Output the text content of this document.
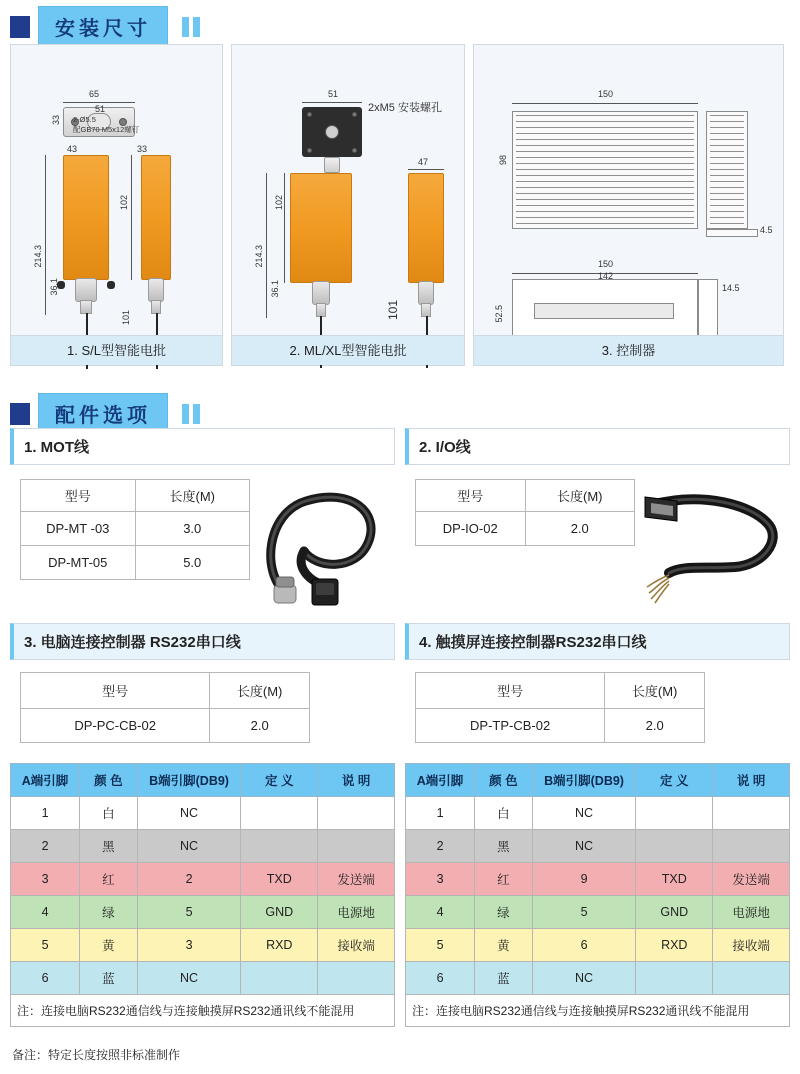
安装尺寸
65
51
33
43	33
2-Ø5.5
配GB70 M5x12螺钉
102
214.3
36.1
101
1. S/L型智能电批
51
2xM5 安装螺孔
47
102
214.3
36.1
101
2. ML/XL型智能电批
150
98
4.5
150
142
52.5
14.5
3. 控制器
配件选项
1. MOT线
型号	长度(M)
DP-MT -03	3.0
DP-MT-05	5.0
3. 电脑连接控制器 RS232串口线
型号	长度(M)
DP-PC-CB-02	2.0
A端引脚	颜 色	B端引脚(DB9)	定 义	说 明
1	白	NC		
2	黑	NC		
3	红	2	TXD	发送端
4	绿	5	GND	电源地
5	黄	3	RXD	接收端
6	蓝	NC		
注：连接电脑RS232通信线与连接触摸屏RS232通讯线不能混用
2. I/O线
型号	长度(M)
DP-IO-02	2.0
4. 触摸屏连接控制器RS232串口线
型号	长度(M)
DP-TP-CB-02	2.0
A端引脚	颜 色	B端引脚(DB9)	定 义	说 明
1	白	NC		
2	黑	NC		
3	红	9	TXD	发送端
4	绿	5	GND	电源地
5	黄	6	RXD	接收端
6	蓝	NC		
注：连接电脑RS232通信线与连接触摸屏RS232通讯线不能混用
备注：特定长度按照非标准制作
